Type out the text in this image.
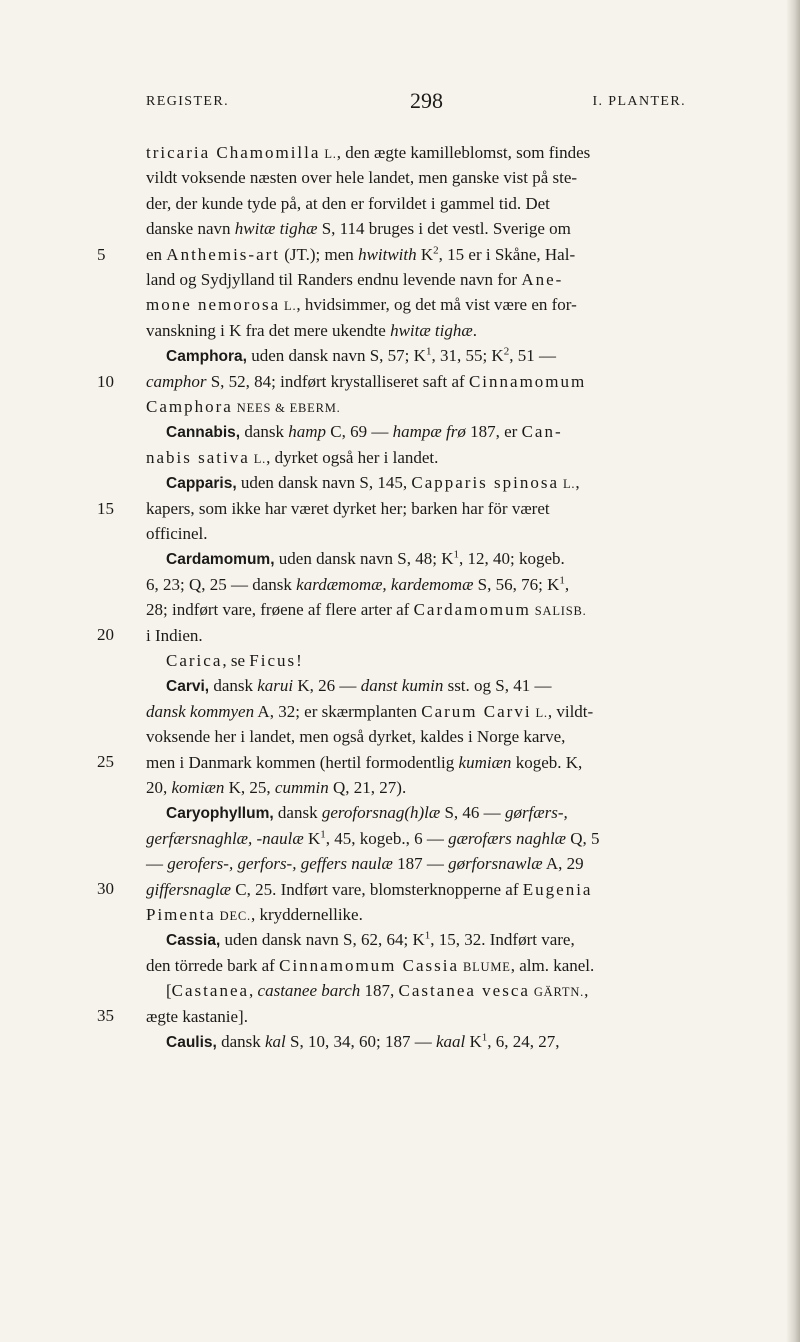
REGISTER.	298	I. PLANTER.
5
10
15
20
25
30
35
tricaria Chamomilla L., den ægte kamilleblomst, som findes
vildt voksende næsten over hele landet, men ganske vist på ste-
der, der kunde tyde på, at den er forvildet i gammel tid. Det
danske navn hwitæ tighæ S, 114 bruges i det vestl. Sverige om
en Anthemis-art (JT.); men hwitwith $K^2$, 15 er i Skåne, Hal-
land og Sydjylland til Randers endnu levende navn for Ane-
mone nemorosa L., hvidsimmer, og det må vist være en for-
vanskning i K fra det mere ukendte hwitæ tighæ.
Camphora, uden dansk navn S, 57; $K^1$, 31, 55; $K^2$, 51 —
camphor S, 52, 84; indført krystalliseret saft af Cinnamomum
Camphora NEES & EBERM.
Cannabis, dansk hamp C, 69 — hampæ frø 187, er Can-
nabis sativa L., dyrket også her i landet.
Capparis, uden dansk navn S, 145, Capparis spinosa L.,
kapers, som ikke har været dyrket her; barken har för været
officinel.
Cardamomum, uden dansk navn S, 48; $K^1$, 12, 40; kogeb.
6, 23; Q, 25 — dansk kardæmomæ, kardemomæ S, 56, 76; $K^1$,
28; indført vare, frøene af flere arter af Cardamomum SALISB.
i Indien.
Carica, se Ficus!
Carvi, dansk karui K, 26 — danst kumin sst. og S, 41 —
dansk kommyen A, 32; er skærmplanten Carum Carvi L., vildt-
voksende her i landet, men også dyrket, kaldes i Norge karve,
men i Danmark kommen (hertil formodentlig kumiæn kogeb. K,
20, komiæn K, 25, cummin Q, 21, 27).
Caryophyllum, dansk geroforsnag(h)læ S, 46 — gørfærs-,
gerfærsnaghlæ, -naulæ $K^1$, 45, kogeb., 6 — gærofærs naghlæ Q, 5
— gerofers-, gerfors-, geffers naulæ 187 — gørforsnawlæ A, 29
giffersnaglæ C, 25. Indført vare, blomsterknopperne af Eugenia
Pimenta DEC., kryddernellike.
Cassia, uden dansk navn S, 62, 64; $K^1$, 15, 32. Indført vare,
den törrede bark af Cinnamomum Cassia BLUME, alm. kanel.
[Castanea, castanee barch 187, Castanea vesca GÄRTN.,
ægte kastanie].
Caulis, dansk kal S, 10, 34, 60; 187 — kaal $K^1$, 6, 24, 27,
